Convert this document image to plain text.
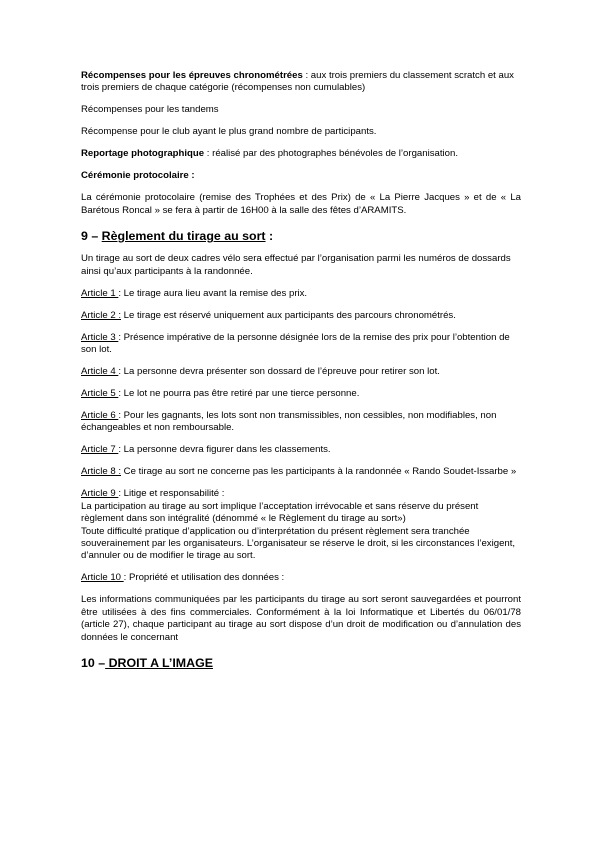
Récompenses pour les épreuves chronométrées : aux trois premiers du classement scratch et aux trois premiers de chaque catégorie (récompenses non cumulables)

Récompenses pour les tandems

Récompense pour le club ayant le plus grand nombre de participants.

Reportage photographique : réalisé par des photographes bénévoles de l’organisation.

Cérémonie protocolaire :

La cérémonie protocolaire (remise des Trophées et des Prix) de « La Pierre Jacques » et de « La Barétous Roncal » se fera à partir de 16H00 à la salle des fêtes d’ARAMITS.

9 – Règlement du tirage au sort :

Un tirage au sort de deux cadres vélo sera effectué par l’organisation parmi les numéros de dossards ainsi qu’aux participants à la randonnée.

Article 1 : Le tirage aura lieu avant la remise des prix.

Article 2 : Le tirage est réservé uniquement aux participants des parcours chronométrés.

Article 3 : Présence impérative de la personne désignée lors de la remise des prix pour l’obtention de son lot.

Article 4 : La personne devra présenter son dossard de l’épreuve pour retirer son lot.

Article 5 : Le lot ne pourra pas être retiré par une tierce personne.

Article 6 : Pour les gagnants, les lots sont non transmissibles, non cessibles, non modifiables, non échangeables et non remboursable.

Article 7 : La personne devra figurer dans les classements.

Article 8 : Ce tirage au sort ne concerne pas les participants à la randonnée « Rando Soudet-Issarbe »

Article 9 : Litige et responsabilité :

La participation au tirage au sort implique l’acceptation irrévocable et sans réserve du présent règlement dans son intégralité (dénommé « le Règlement du tirage au sort»)

Toute difficulté pratique d’application ou d’interprétation du présent règlement sera tranchée souverainement par les organisateurs. L’organisateur se réserve le droit, si les circonstances l’exigent, d’annuler ou de modifier le tirage au sort.

Article 10 : Propriété et utilisation des données :

Les informations communiquées par les participants du tirage au sort seront sauvegardées et pourront être utilisées à des fins commerciales. Conformément à la loi Informatique et Libertés du 06/01/78 (article 27), chaque participant au tirage au sort dispose d’un droit de modification ou d’annulation des données le concernant

10 – DROIT A L’IMAGE
